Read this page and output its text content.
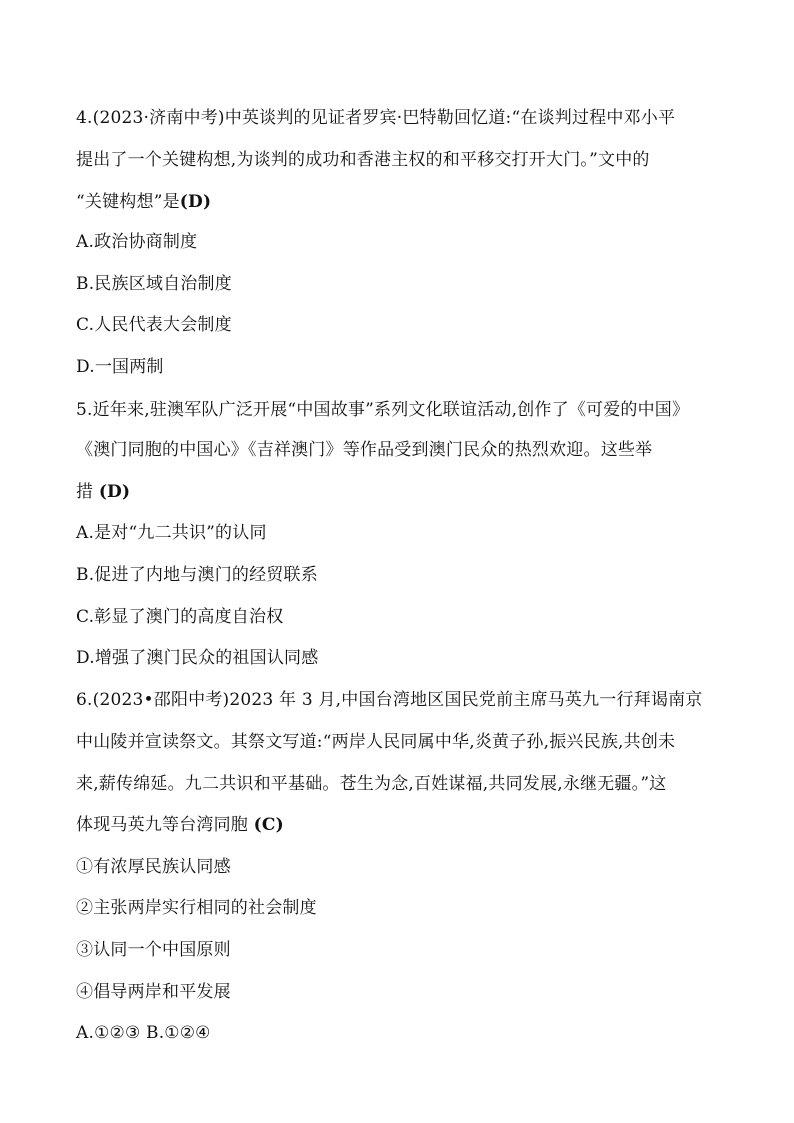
4.(2023·济南中考)中英谈判的见证者罗宾·巴特勒回忆道:“在谈判过程中邓小平
提出了一个关键构想,为谈判的成功和香港主权的和平移交打开大门。”文中的
“关键构想”是(D)
A.政治协商制度
B.民族区域自治制度
C.人民代表大会制度
D.一国两制
5.近年来,驻澳军队广泛开展“中国故事”系列文化联谊活动,创作了《可爱的中国》
《澳门同胞的中国心》《吉祥澳门》等作品受到澳门民众的热烈欢迎。这些举
措 (D)
A.是对“九二共识”的认同
B.促进了内地与澳门的经贸联系
C.彰显了澳门的高度自治权
D.增强了澳门民众的祖国认同感
6.(2023•邵阳中考)2023 年 3 月,中国台湾地区国民党前主席马英九一行拜谒南京
中山陵并宣读祭文。其祭文写道:“两岸人民同属中华,炎黄子孙,振兴民族,共创未
来,薪传绵延。九二共识和平基础。苍生为念,百姓谋福,共同发展,永继无疆。”这
体现马英九等台湾同胞 (C)
①有浓厚民族认同感
②主张两岸实行相同的社会制度
③认同一个中国原则
④倡导两岸和平发展
A.①②③ B.①②④
